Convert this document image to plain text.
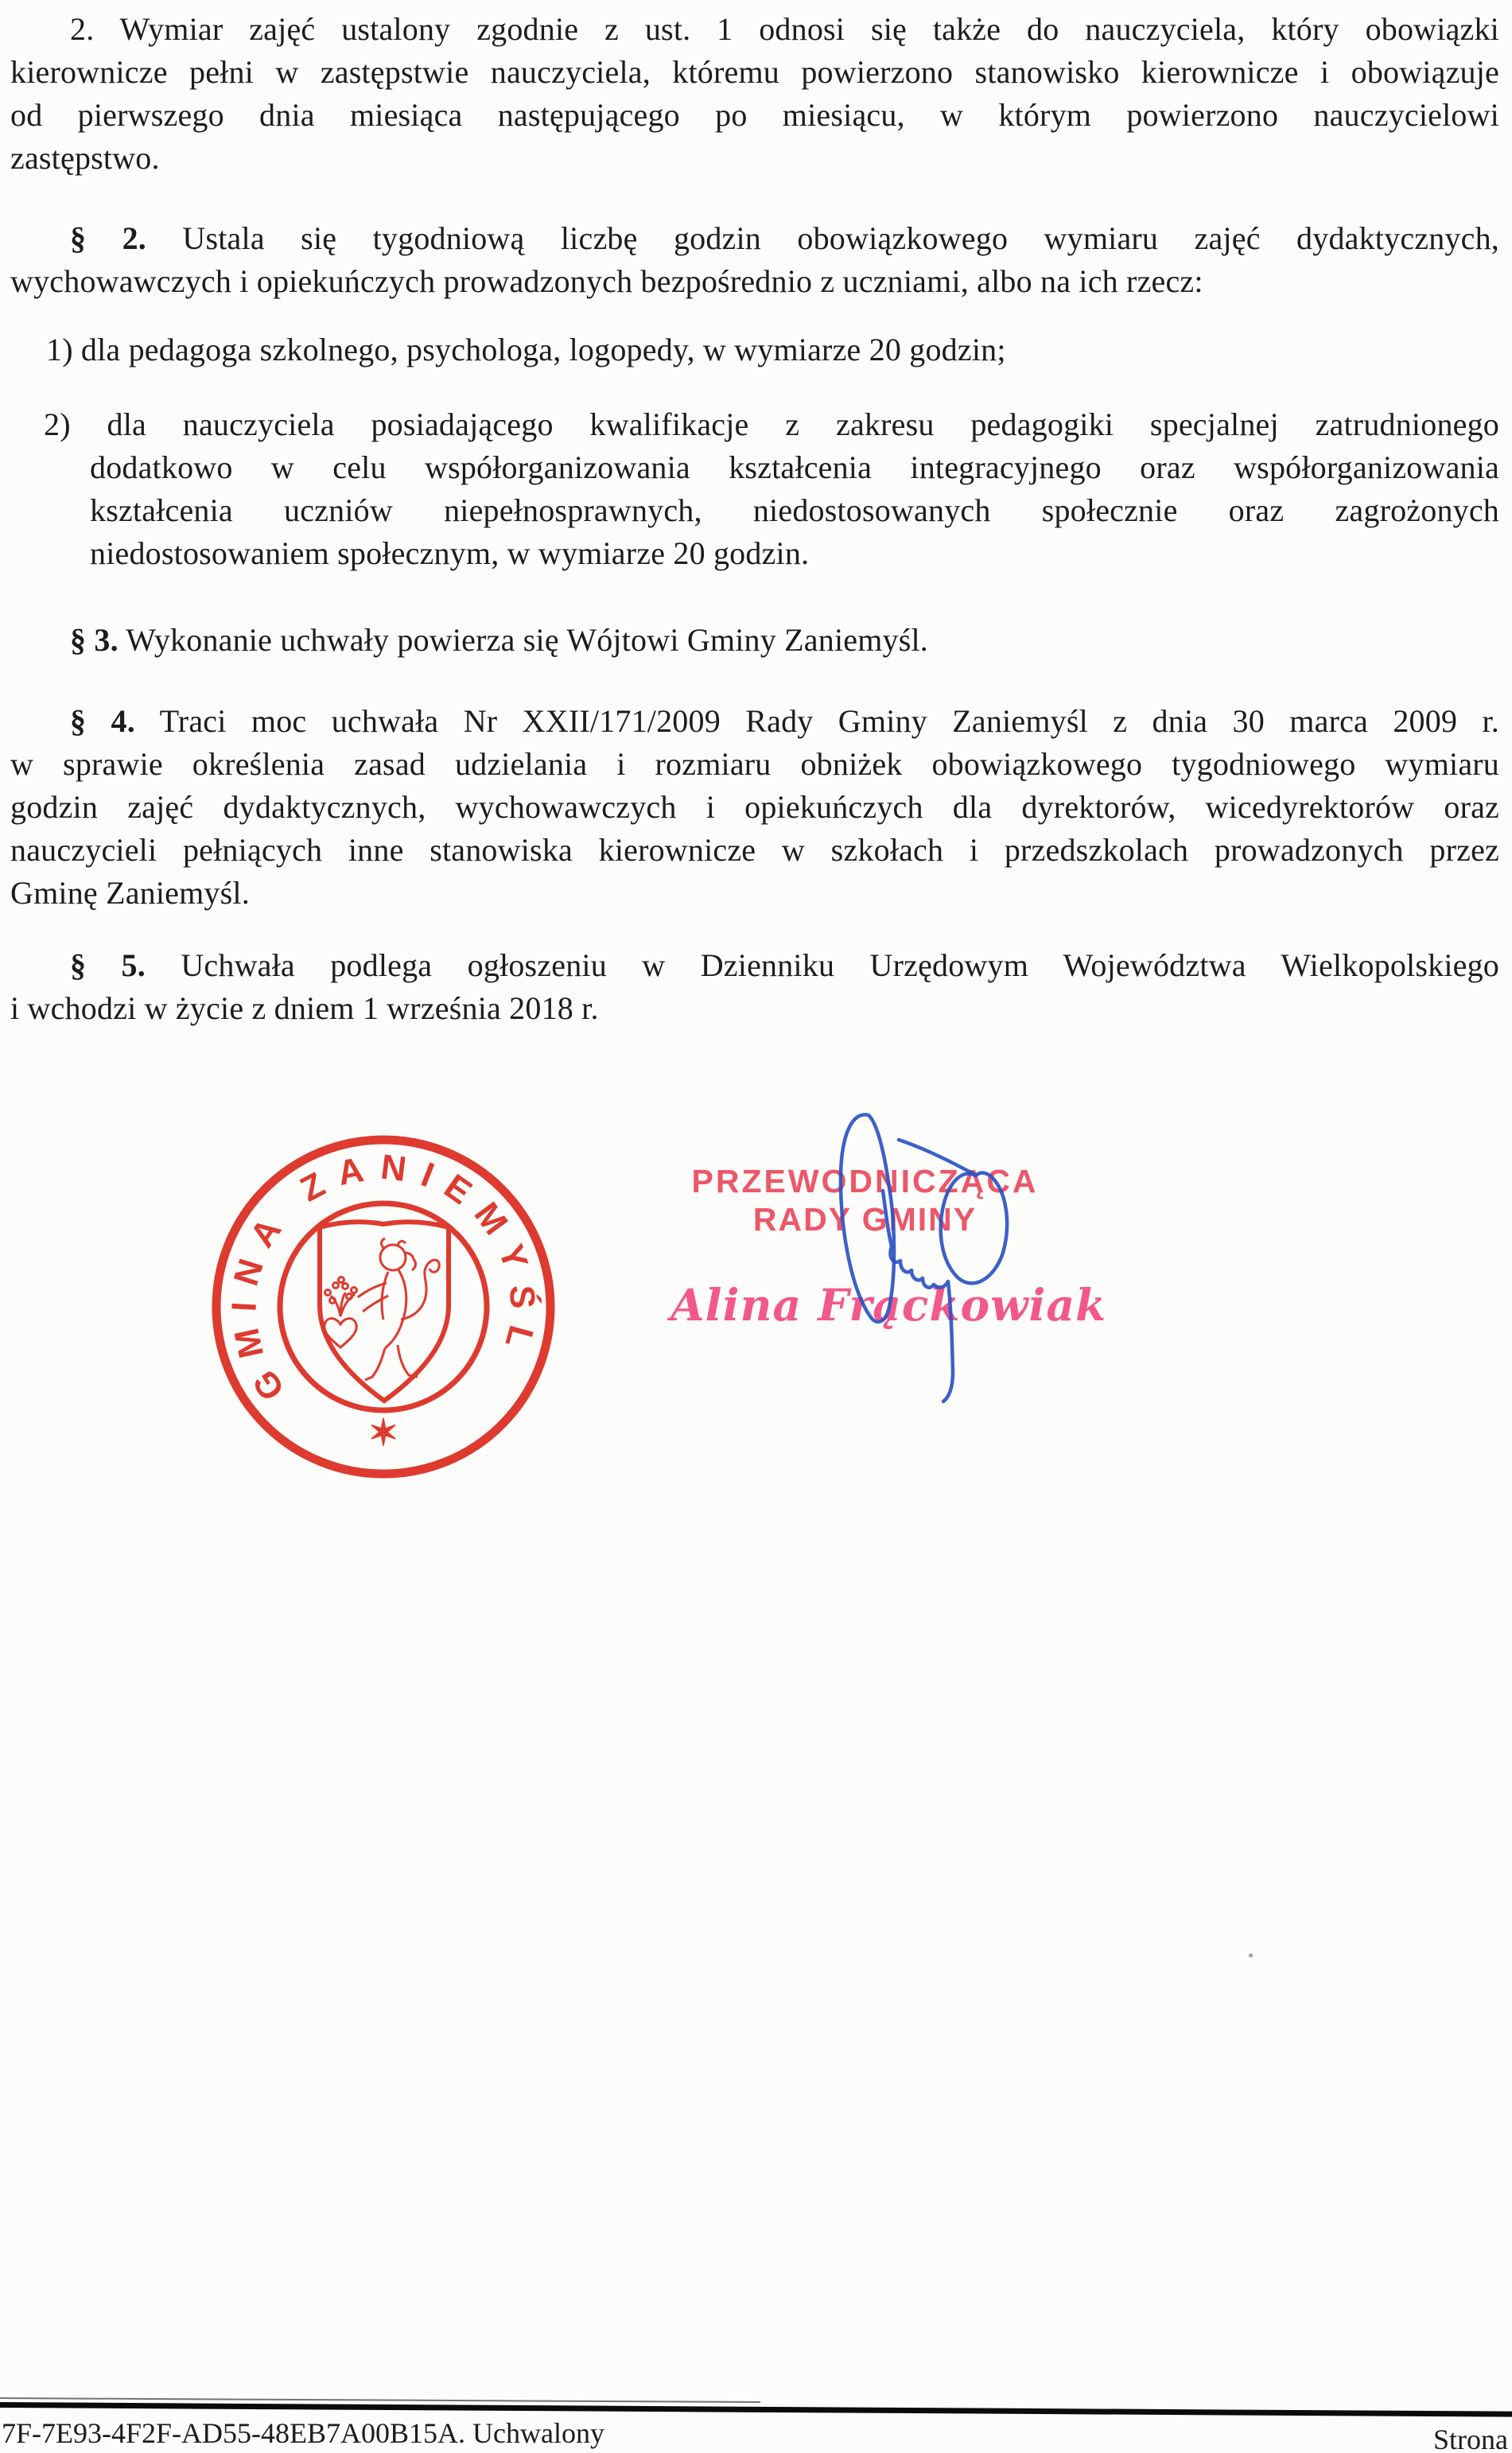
2. Wymiar zajęć ustalony zgodnie z ust. 1 odnosi się także do nauczyciela, który obowiązki
kierownicze pełni w zastępstwie nauczyciela, któremu powierzono stanowisko kierownicze i obowiązuje
od pierwszego dnia miesiąca następującego po miesiącu, w którym powierzono nauczycielowi
zastępstwo.
§ 2. Ustala się tygodniową liczbę godzin obowiązkowego wymiaru zajęć dydaktycznych,
wychowawczych i opiekuńczych prowadzonych bezpośrednio z uczniami, albo na ich rzecz:
1) dla pedagoga szkolnego, psychologa, logopedy, w wymiarze 20 godzin;
2) dla nauczyciela posiadającego kwalifikacje z zakresu pedagogiki specjalnej zatrudnionego
dodatkowo w celu współorganizowania kształcenia integracyjnego oraz współorganizowania
kształcenia uczniów niepełnosprawnych, niedostosowanych społecznie oraz zagrożonych
niedostosowaniem społecznym, w wymiarze 20 godzin.
§ 3. Wykonanie uchwały powierza się Wójtowi Gminy Zaniemyśl.
§ 4. Traci moc uchwała Nr XXII/171/2009 Rady Gminy Zaniemyśl z dnia 30 marca 2009 r.
w sprawie określenia zasad udzielania i rozmiaru obniżek obowiązkowego tygodniowego wymiaru
godzin zajęć dydaktycznych, wychowawczych i opiekuńczych dla dyrektorów, wicedyrektorów oraz
nauczycieli pełniących inne stanowiska kierownicze w szkołach i przedszkolach prowadzonych przez
Gminę Zaniemyśl.
§ 5. Uchwała podlega ogłoszeniu w Dzienniku Urzędowym Województwa Wielkopolskiego
i wchodzi w życie z dniem 1 września 2018 r.
GMINA ZANIEMYŚL
✶
PRZEWODNICZĄCA
RADY GMINY
Alina Frąckowiak
7F-7E93-4F2F-AD55-48EB7A00B15A. Uchwalony	Strona
